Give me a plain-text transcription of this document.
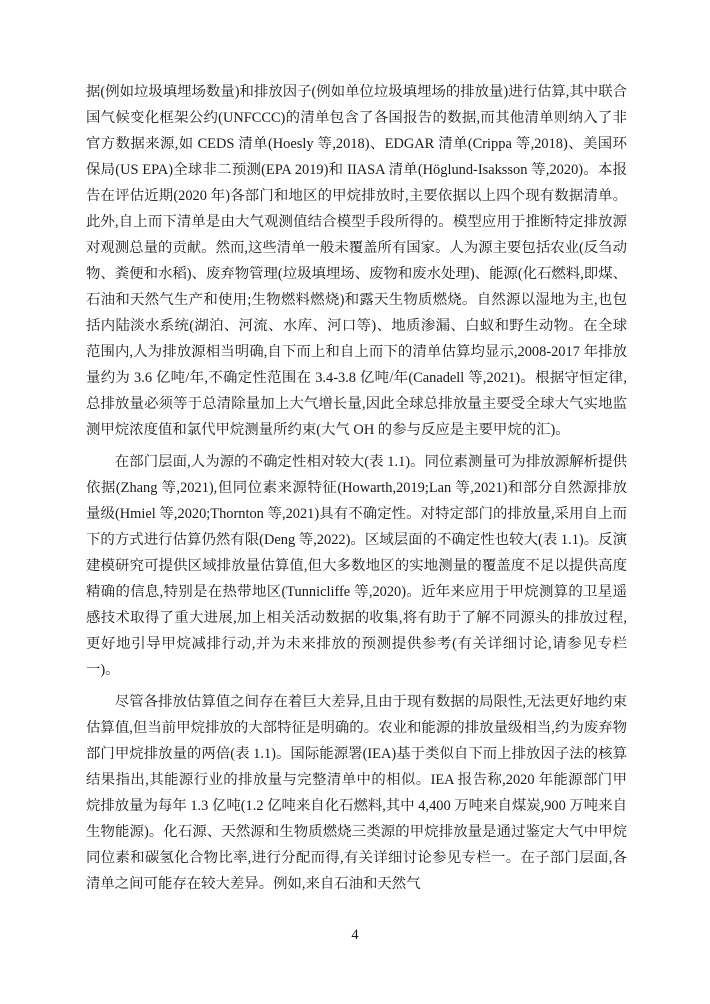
据(例如垃圾填埋场数量)和排放因子(例如单位垃圾填埋场的排放量)进行估算,其中联合国气候变化框架公约(UNFCCC)的清单包含了各国报告的数据,而其他清单则纳入了非官方数据来源,如 CEDS 清单(Hoesly 等,2018)、EDGAR 清单(Crippa 等,2018)、美国环保局(US EPA)全球非二预测(EPA 2019)和 IIASA 清单(Höglund-Isaksson 等,2020)。本报告在评估近期(2020 年)各部门和地区的甲烷排放时,主要依据以上四个现有数据清单。此外,自上而下清单是由大气观测值结合模型手段所得的。模型应用于推断特定排放源对观测总量的贡献。然而,这些清单一般未覆盖所有国家。人为源主要包括农业(反刍动物、粪便和水稻)、废弃物管理(垃圾填埋场、废物和废水处理)、能源(化石燃料,即煤、石油和天然气生产和使用;生物燃料燃烧)和露天生物质燃烧。自然源以湿地为主,也包括内陆淡水系统(湖泊、河流、水库、河口等)、地质渗漏、白蚁和野生动物。在全球范围内,人为排放源相当明确,自下而上和自上而下的清单估算均显示,2008-2017 年排放量约为 3.6 亿吨/年,不确定性范围在 3.4-3.8 亿吨/年(Canadell 等,2021)。根据守恒定律,总排放量必须等于总清除量加上大气增长量,因此全球总排放量主要受全球大气实地监测甲烷浓度值和氯代甲烷测量所约束(大气 OH 的参与反应是主要甲烷的汇)。

在部门层面,人为源的不确定性相对较大(表 1.1)。同位素测量可为排放源解析提供依据(Zhang 等,2021),但同位素来源特征(Howarth,2019;Lan 等,2021)和部分自然源排放量级(Hmiel 等,2020;Thornton 等,2021)具有不确定性。对特定部门的排放量,采用自上而下的方式进行估算仍然有限(Deng 等,2022)。区域层面的不确定性也较大(表 1.1)。反演建模研究可提供区域排放量估算值,但大多数地区的实地测量的覆盖度不足以提供高度精确的信息,特别是在热带地区(Tunnicliffe 等,2020)。近年来应用于甲烷测算的卫星遥感技术取得了重大进展,加上相关活动数据的收集,将有助于了解不同源头的排放过程,更好地引导甲烷减排行动,并为未来排放的预测提供参考(有关详细讨论,请参见专栏一)。

尽管各排放估算值之间存在着巨大差异,且由于现有数据的局限性,无法更好地约束估算值,但当前甲烷排放的大部特征是明确的。农业和能源的排放量级相当,约为废弃物部门甲烷排放量的两倍(表 1.1)。国际能源署(IEA)基于类似自下而上排放因子法的核算结果指出,其能源行业的排放量与完整清单中的相似。IEA 报告称,2020 年能源部门甲烷排放量为每年 1.3 亿吨(1.2 亿吨来自化石燃料,其中 4,400 万吨来自煤炭,900 万吨来自生物能源)。化石源、天然源和生物质燃烧三类源的甲烷排放量是通过鉴定大气中甲烷同位素和碳氢化合物比率,进行分配而得,有关详细讨论参见专栏一。在子部门层面,各清单之间可能存在较大差异。例如,来自石油和天然气

4
